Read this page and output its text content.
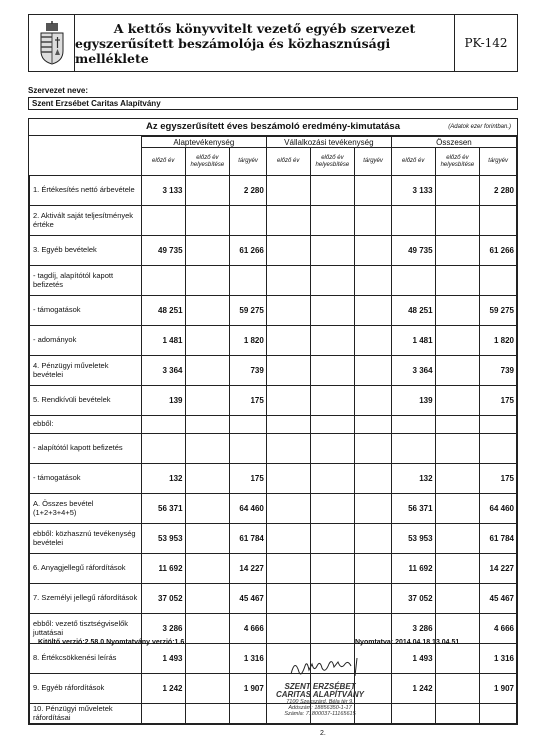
A kettős könyvvitelt vezető egyéb szervezet
egyszerűsített beszámolója és közhasznúsági melléklete
PK-142
Szervezet neve:
Szent Erzsébet Caritas Alapítvány
Az egyszerűsített éves beszámoló eredmény-kimutatása	(Adatok ezer forintban.)
	Alaptevékenység			Vállalkozási tevékenység			Összesen		
	előző év	előző év helyesbítése	tárgyév	előző év	előző év helyesbítése	tárgyév	előző év	előző év helyesbítése	tárgyév
1. Értékesítés nettó árbevétele	3 133		2 280				3 133		2 280
2. Aktivált saját teljesítmények értéke									
3. Egyéb bevételek	49 735		61 266				49 735		61 266
- tagdíj, alapítótól kapott befizetés									
- támogatások	48 251		59 275				48 251		59 275
- adományok	1 481		1 820				1 481		1 820
4. Pénzügyi műveletek bevételei	3 364		739				3 364		739
5. Rendkívüli bevételek	139		175				139		175
ebből:									
- alapítótól kapott befizetés									
- támogatások	132		175				132		175
A. Összes bevétel (1+2+3+4+5)	56 371		64 460				56 371		64 460
ebből: közhasznú tevékenység bevételei	53 953		61 784				53 953		61 784
6. Anyagjellegű ráfordítások	11 692		14 227				11 692		14 227
7. Személyi jellegű ráfordítások	37 052		45 467				37 052		45 467
ebből: vezető tisztségviselők juttatásai	3 286		4 666				3 286		4 666
8. Értékcsökkenési leírás	1 493		1 316				1 493		1 316
9. Egyéb ráfordítások	1 242		1 907				1 242		1 907
10. Pénzügyi műveletek ráfordításai									
Kitöltő verzió:2.58.0 Nyomtatvány verzió:1.6	Nyomtatva: 2014.04.18 13.04.51
SZENT ERZSÉBET
CARITAS ALAPÍTVÁNY
7100 Szekszárd, Béla tér 9.
Adószám: 18856350-1-17
Számla: 71800037-11165615
2.
